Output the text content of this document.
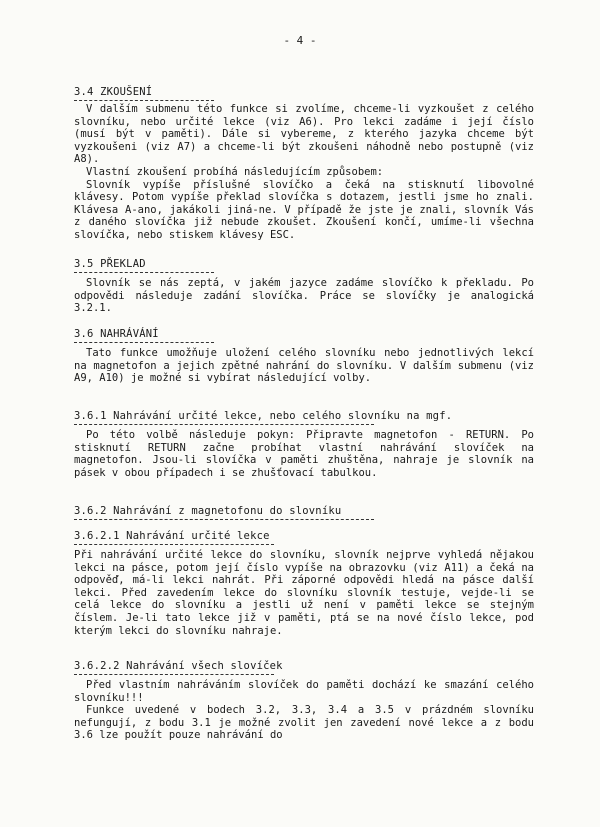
- 4 -
3.4 ZKOUŠENÍ
V dalším submenu této funkce si zvolíme, chceme-li vyzkoušet z celého slovníku, nebo určité lekce (viz A6). Pro lekci zadáme i její číslo (musí být v paměti). Dále si vybereme, z kterého jazyka chceme být vyzkoušeni (viz A7) a chceme-li být zkoušeni náhodně nebo postupně (viz A8).
Vlastní zkoušení probíhá následujícím způsobem:
Slovník vypíše příslušné slovíčko a čeká na stisknutí libovolné klávesy. Potom vypíše překlad slovíčka s dotazem, jestli jsme ho znali. Klávesa A-ano, jakákoli jiná-ne. V případě že jste je znali, slovník Vás z daného slovíčka již nebude zkoušet. Zkoušení končí, umíme-li všechna slovíčka, nebo stiskem klávesy ESC.
3.5 PŘEKLAD
Slovník se nás zeptá, v jakém jazyce zadáme slovíčko k překladu. Po odpovědi následuje zadání slovíčka. Práce se slovíčky je analogická 3.2.1.
3.6 NAHRÁVÁNÍ
Tato funkce umožňuje uložení celého slovníku nebo jednotlivých lekcí na magnetofon a jejich zpětné nahrání do slovníku. V dalším submenu (viz A9, A10) je možné si vybírat následující volby.
3.6.1 Nahrávání určité lekce, nebo celého slovníku na mgf.
Po této volbě následuje pokyn: Připravte magnetofon - RETURN. Po stisknutí RETURN začne probíhat vlastní nahrávání slovíček na magnetofon. Jsou-li slovíčka v paměti zhuštěna, nahraje je slovník na pásek v obou případech i se zhušťovací tabulkou.
3.6.2 Nahrávání z magnetofonu do slovníku
3.6.2.1 Nahrávání určité lekce
Při nahrávání určité lekce do slovníku, slovník nejprve vyhledá nějakou lekci na pásce, potom její číslo vypíše na obrazovku (viz A11) a čeká na odpověď, má-li lekci nahrát. Při záporné odpovědi hledá na pásce další lekci. Před zavedením lekce do slovníku slovník testuje, vejde-li se celá lekce do slovníku a jestli už není v paměti lekce se stejným číslem. Je-li tato lekce již v paměti, ptá se na nové číslo lekce, pod kterým lekci do slovníku nahraje.
3.6.2.2 Nahrávání všech slovíček
Před vlastním nahráváním slovíček do paměti dochází ke smazání celého slovníku!!!
Funkce uvedené v bodech 3.2, 3.3, 3.4 a 3.5 v prázdném slovníku nefungují, z bodu 3.1 je možné zvolit jen zavedení nové lekce a z bodu 3.6 lze použít pouze nahrávání do
